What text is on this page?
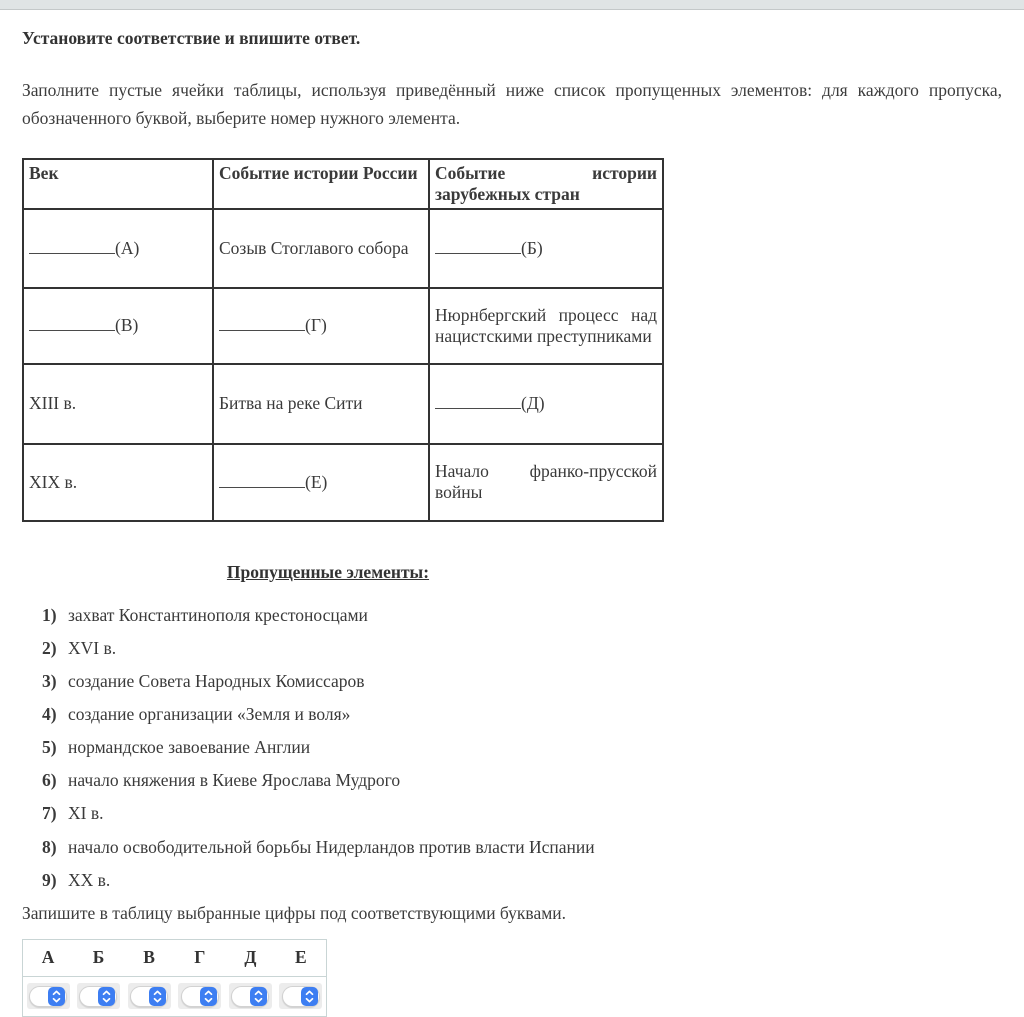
Установите соответствие и впишите ответ.
Заполните пустые ячейки таблицы, используя приведённый ниже список пропущенных элементов: для каждого пропуска, обозначенного буквой, выберите номер нужного элемента.
Век	Событие истории России	Событие истории зарубежных стран
(А)	Созыв Стоглавого собора	(Б)
(В)	(Г)	Нюрнбергский процесс над нацистскими преступниками
XIII в.	Битва на реке Сити	(Д)
XIX в.	(Е)	Начало франко-прусской войны
Пропущенные элементы:
1) захват Константинополя крестоносцами
2) XVI в.
3) создание Совета Народных Комиссаров
4) создание организации «Земля и воля»
5) нормандское завоевание Англии
6) начало княжения в Киеве Ярослава Мудрого
7) XI в.
8) начало освободительной борьбы Нидерландов против власти Испании
9) XX в.
Запишите в таблицу выбранные цифры под соответствующими буквами.
А	Б	В	Г	Д	Е
